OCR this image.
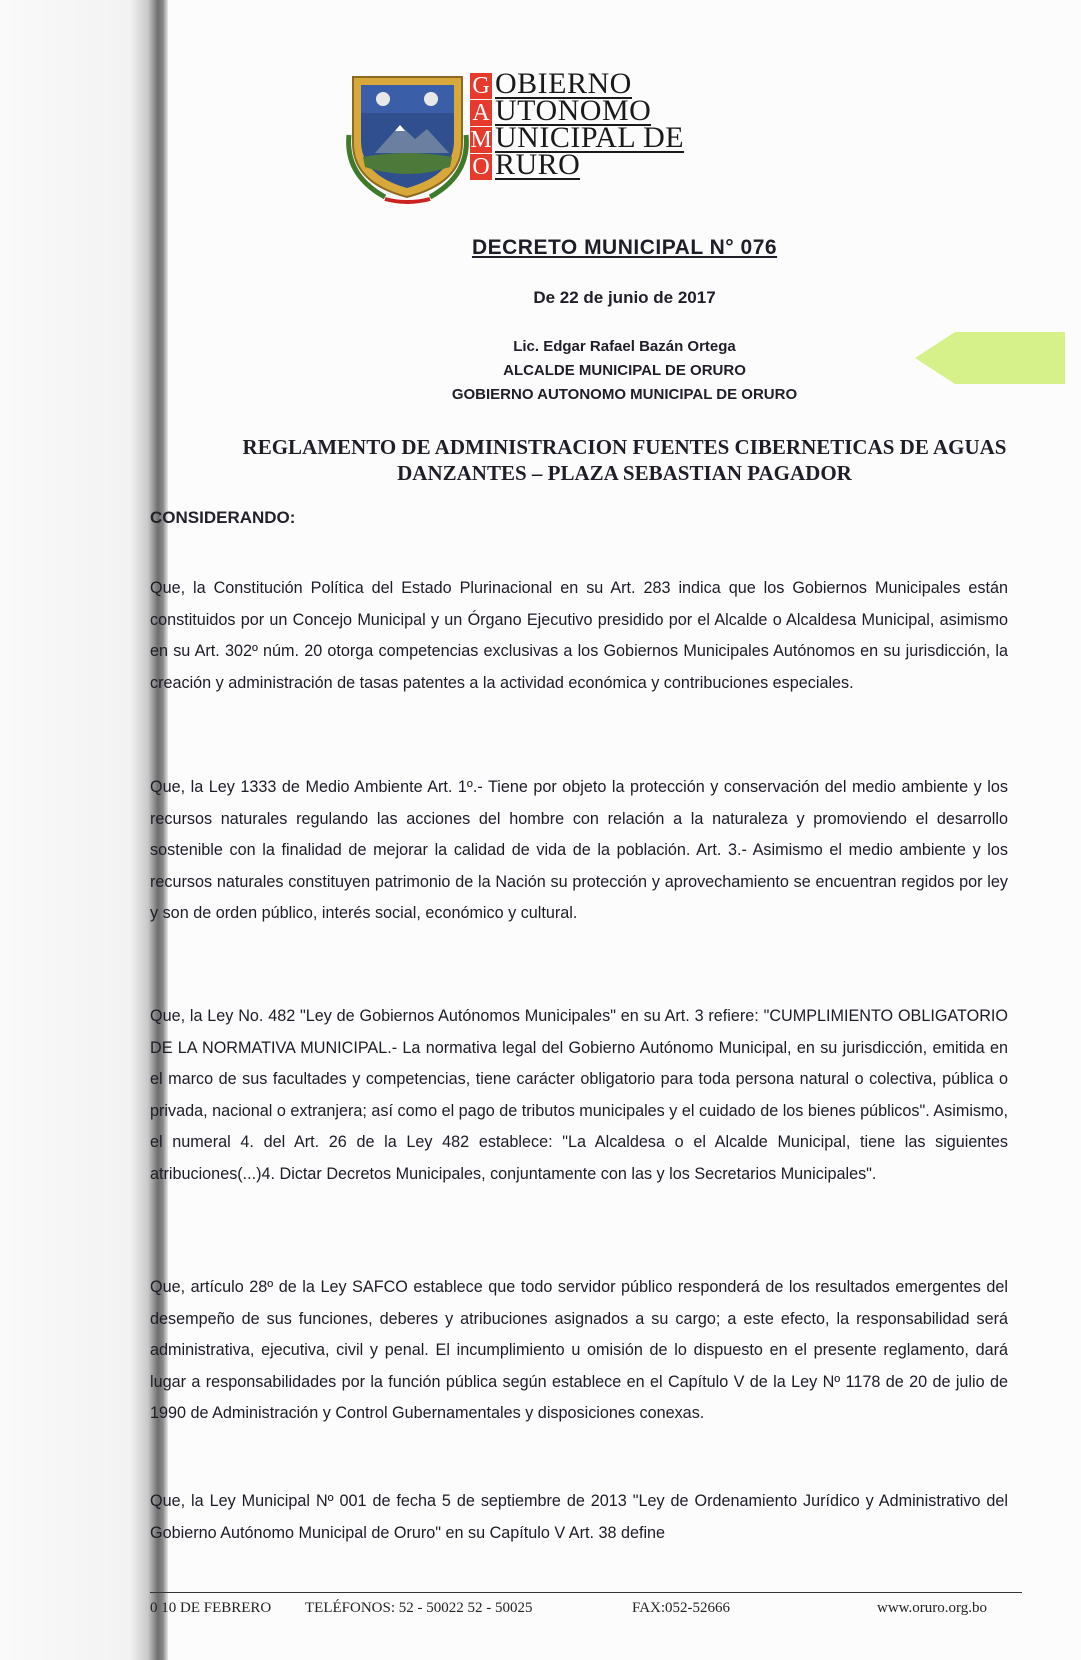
G
A
M
O
OBIERNO
UTONOMO
UNICIPAL DE
RURO
DECRETO MUNICIPAL N° 076
De 22 de junio de 2017
Lic. Edgar Rafael Bazán Ortega
ALCALDE MUNICIPAL DE ORURO
GOBIERNO AUTONOMO MUNICIPAL DE ORURO
REGLAMENTO DE ADMINISTRACION FUENTES CIBERNETICAS DE AGUAS
DANZANTES – PLAZA SEBASTIAN PAGADOR
CONSIDERANDO:
Que, la Constitución Política del Estado Plurinacional en su Art. 283 indica que los Gobiernos Municipales están constituidos por un Concejo Municipal y un Órgano Ejecutivo presidido por el Alcalde o Alcaldesa Municipal, asimismo en su Art. 302º núm. 20 otorga competencias exclusivas a los Gobiernos Municipales Autónomos en su jurisdicción, la creación y administración de tasas patentes a la actividad económica y contribuciones especiales.
Que, la Ley 1333 de Medio Ambiente Art. 1º.- Tiene por objeto la protección y conservación del medio ambiente y los recursos naturales regulando las acciones del hombre con relación a la naturaleza y promoviendo el desarrollo sostenible con la finalidad de mejorar la calidad de vida de la población. Art. 3.- Asimismo el medio ambiente y los recursos naturales constituyen patrimonio de la Nación su protección y aprovechamiento se encuentran regidos por ley y son de orden público, interés social, económico y cultural.
Que, la Ley No. 482 "Ley de Gobiernos Autónomos Municipales" en su Art. 3 refiere: "CUMPLIMIENTO OBLIGATORIO DE LA NORMATIVA MUNICIPAL.- La normativa legal del Gobierno Autónomo Municipal, en su jurisdicción, emitida en el marco de sus facultades y competencias, tiene carácter obligatorio para toda persona natural o colectiva, pública o privada, nacional o extranjera; así como el pago de tributos municipales y el cuidado de los bienes públicos". Asimismo, el numeral 4. del Art. 26 de la Ley 482 establece: "La Alcaldesa o el Alcalde Municipal, tiene las siguientes atribuciones(...)4. Dictar Decretos Municipales, conjuntamente con las y los Secretarios Municipales".
Que, artículo 28º de la Ley SAFCO establece que todo servidor público responderá de los resultados emergentes del desempeño de sus funciones, deberes y atribuciones asignados a su cargo; a este efecto, la responsabilidad será administrativa, ejecutiva, civil y penal. El incumplimiento u omisión de lo dispuesto en el presente reglamento, dará lugar a responsabilidades por la función pública según establece en el Capítulo V de la Ley Nº 1178 de 20 de julio de 1990 de Administración y Control Gubernamentales y disposiciones conexas.
Que, la Ley Municipal Nº 001 de fecha 5 de septiembre de 2013 "Ley de Ordenamiento Jurídico y Administrativo del Gobierno Autónomo Municipal de Oruro" en su Capítulo V Art. 38 define
0 10 DE FEBRERO TELÉFONOS: 52 - 50022 52 - 50025	FAX:052-52666	www.oruro.org.bo
